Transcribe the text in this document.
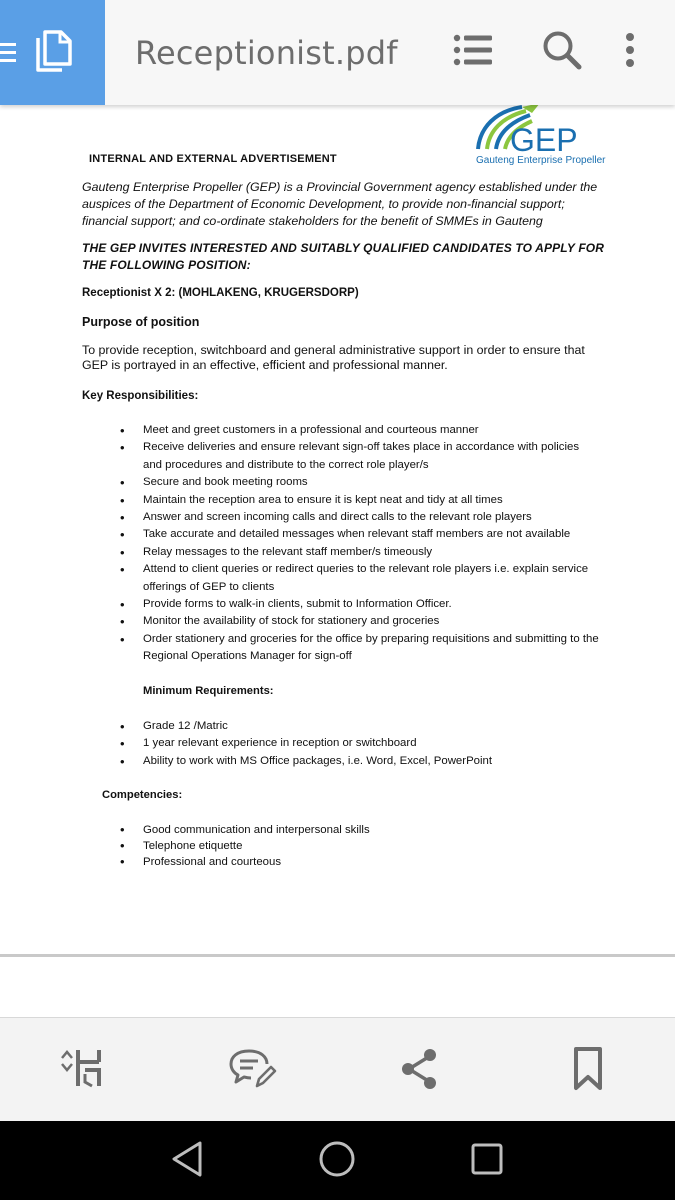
Receptionist.pdf
GEP
Gauteng Enterprise Propeller
INTERNAL AND EXTERNAL ADVERTISEMENT
Gauteng Enterprise Propeller (GEP) is a Provincial Government agency established under the auspices of the Department of Economic Development, to provide non-financial support; financial support; and co-ordinate stakeholders for the benefit of SMMEs in Gauteng
THE GEP INVITES INTERESTED AND SUITABLY QUALIFIED CANDIDATES TO APPLY FOR THE FOLLOWING POSITION:
Receptionist X 2: (MOHLAKENG, KRUGERSDORP)
Purpose of position
To provide reception, switchboard and general administrative support in order to ensure that GEP is portrayed in an effective, efficient and professional manner.
Key Responsibilities:
• Meet and greet customers in a professional and courteous manner
• Receive deliveries and ensure relevant sign-off takes place in accordance with policies and procedures and distribute to the correct role player/s
• Secure and book meeting rooms
• Maintain the reception area to ensure it is kept neat and tidy at all times
• Answer and screen incoming calls and direct calls to the relevant role players
• Take accurate and detailed messages when relevant staff members are not available
• Relay messages to the relevant staff member/s timeously
• Attend to client queries or redirect queries to the relevant role players i.e. explain service offerings of GEP to clients
• Provide forms to walk-in clients, submit to Information Officer.
• Monitor the availability of stock for stationery and groceries
• Order stationery and groceries for the office by preparing requisitions and submitting to the Regional Operations Manager for sign-off
Minimum Requirements:
• Grade 12 /Matric
• 1 year relevant experience in reception or switchboard
• Ability to work with MS Office packages, i.e. Word, Excel, PowerPoint
Competencies:
• Good communication and interpersonal skills
• Telephone etiquette
• Professional and courteous
